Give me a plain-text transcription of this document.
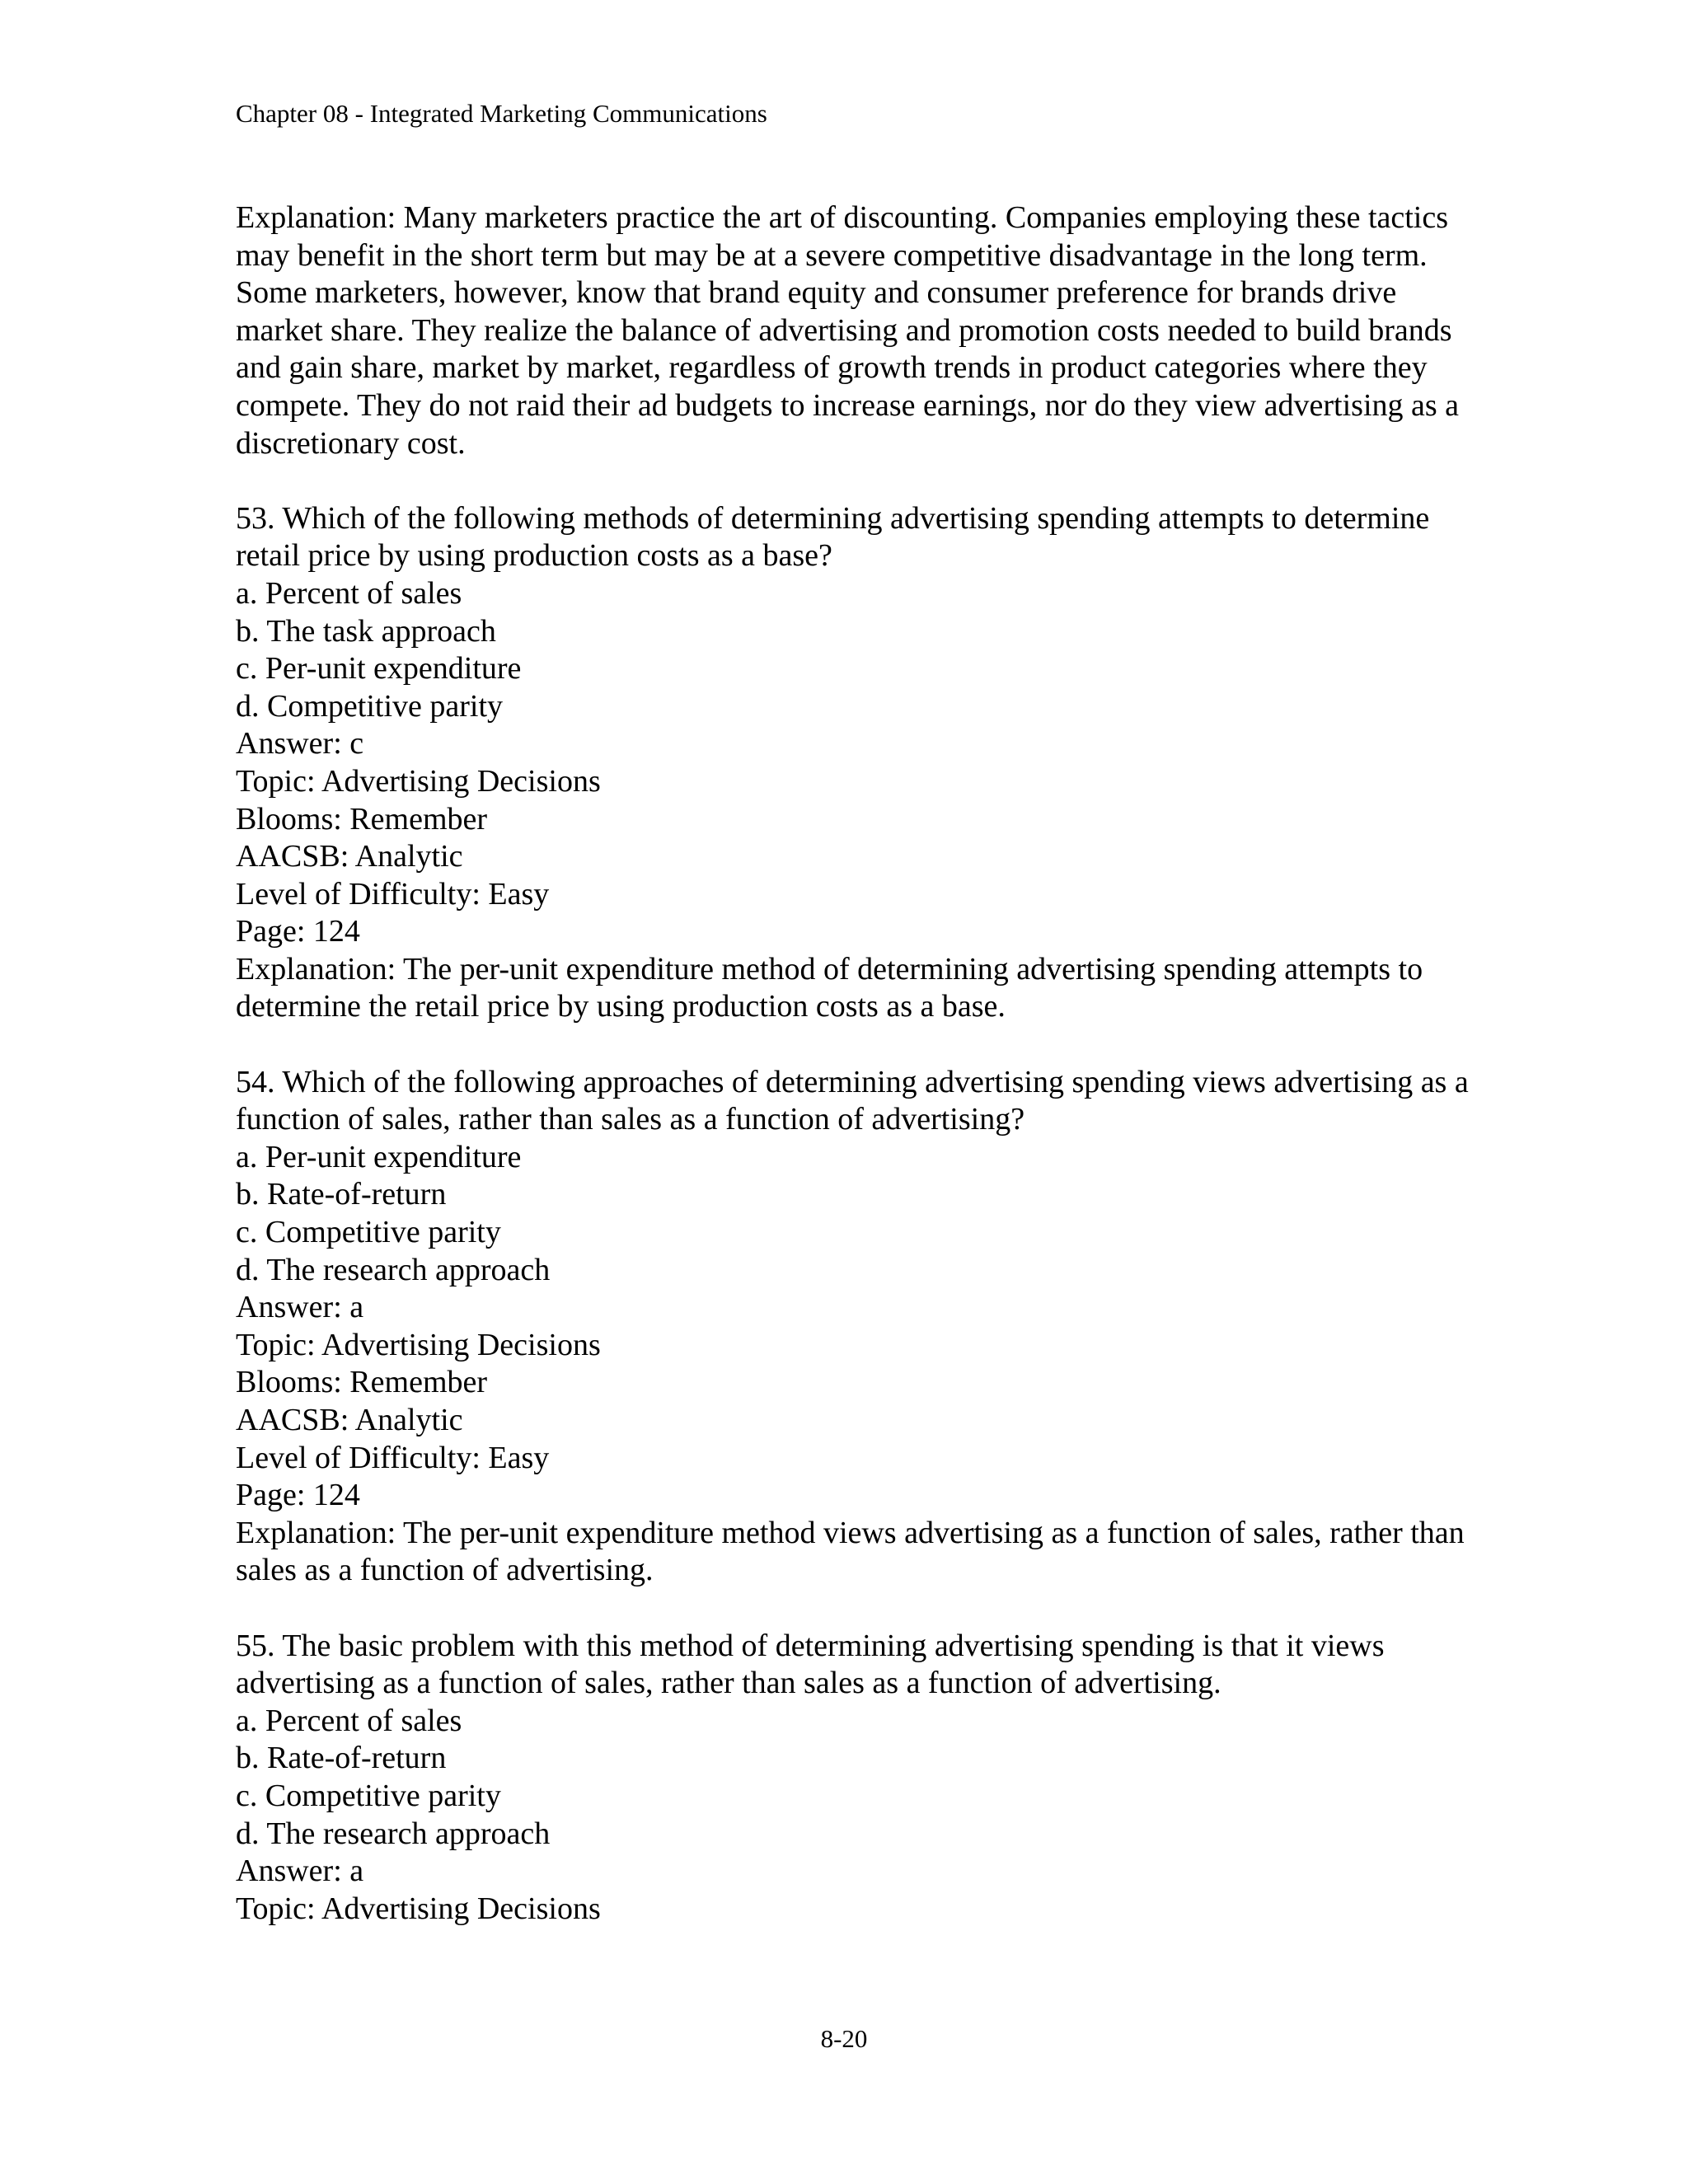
Chapter 08 - Integrated Marketing Communications

Explanation: Many marketers practice the art of discounting. Companies employing these tactics may benefit in the short term but may be at a severe competitive disadvantage in the long term. Some marketers, however, know that brand equity and consumer preference for brands drive market share. They realize the balance of advertising and promotion costs needed to build brands and gain share, market by market, regardless of growth trends in product categories where they compete. They do not raid their ad budgets to increase earnings, nor do they view advertising as a discretionary cost.

53. Which of the following methods of determining advertising spending attempts to determine retail price by using production costs as a base?

a. Percent of sales
b. The task approach
c. Per-unit expenditure
d. Competitive parity
Answer: c
Topic: Advertising Decisions
Blooms: Remember
AACSB: Analytic
Level of Difficulty: Easy
Page: 124

Explanation: The per-unit expenditure method of determining advertising spending attempts to determine the retail price by using production costs as a base.

54. Which of the following approaches of determining advertising spending views advertising as a function of sales, rather than sales as a function of advertising?

a. Per-unit expenditure
b. Rate-of-return
c. Competitive parity
d. The research approach
Answer: a
Topic: Advertising Decisions
Blooms: Remember
AACSB: Analytic
Level of Difficulty: Easy
Page: 124

Explanation: The per-unit expenditure method views advertising as a function of sales, rather than sales as a function of advertising.

55. The basic problem with this method of determining advertising spending is that it views advertising as a function of sales, rather than sales as a function of advertising.

a. Percent of sales
b. Rate-of-return
c. Competitive parity
d. The research approach
Answer: a
Topic: Advertising Decisions
8-20
